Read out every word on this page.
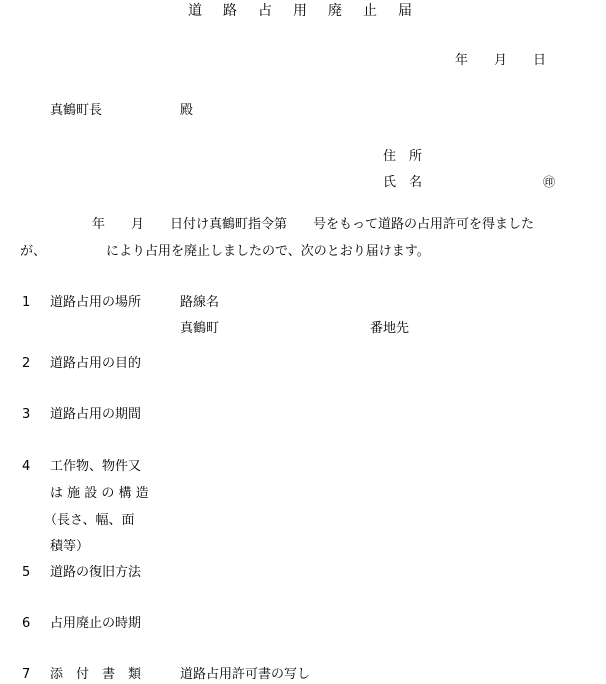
道路占用廃止届
年　　月　　日
真鶴町長	殿
住　所
氏　名	㊞
　　年　　月　　日付け真鶴町指令第　　号をもって道路の占用許可を得ました
が、	により占用を廃止しましたので、次のとおり届けます。
1 道路占用の場所	路線名
真鶴町	番地先
2 道路占用の目的
3 道路占用の期間
4 工作物、物件又
は 施 設 の 構 造
（長さ、幅、面
積等）
5 道路の復旧方法
6 占用廃止の時期
7 添　付　書　類	道路占用許可書の写し
